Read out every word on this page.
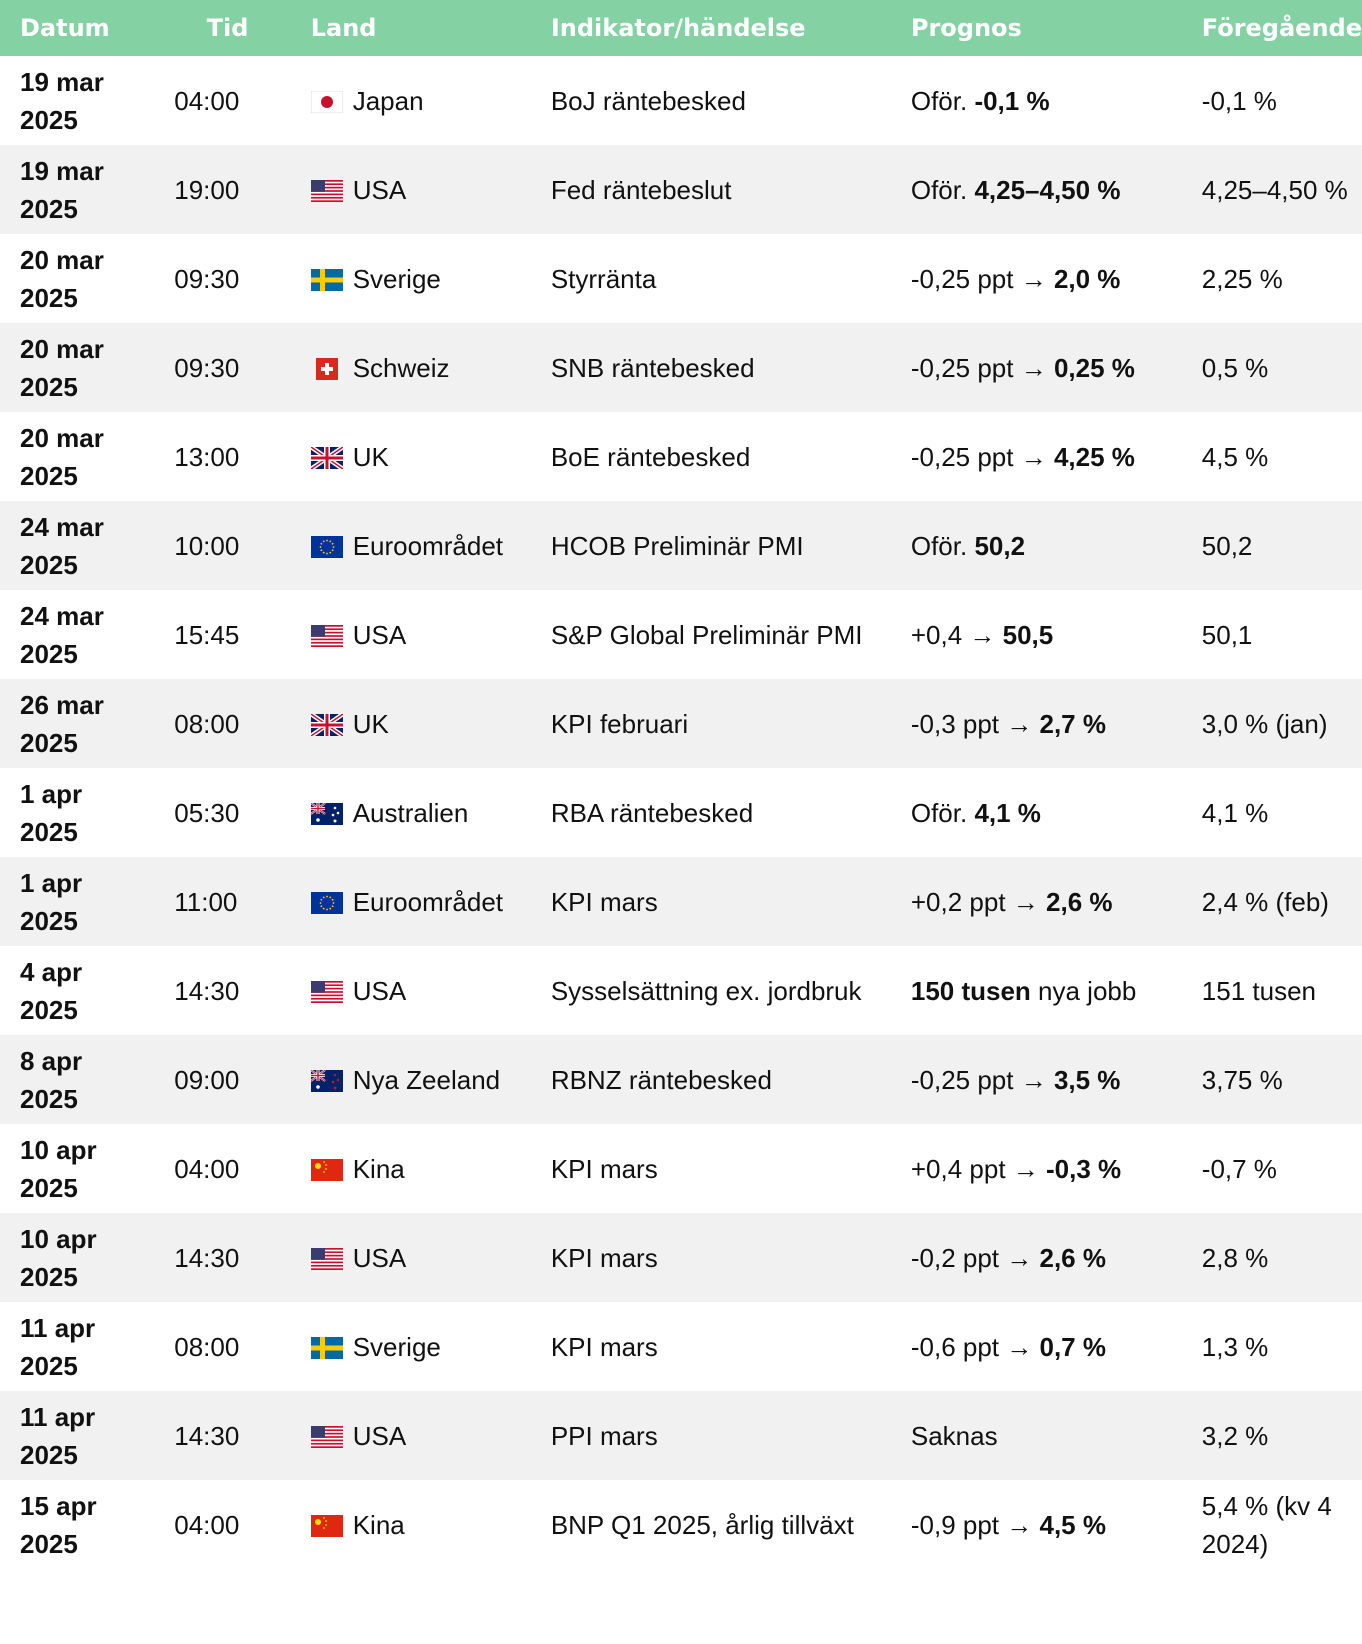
Datum	Tid	Land	Indikator/händelse	Prognos	Föregående
19 mar
2025	04:00	Japan	BoJ räntebesked	Oför. -0,1 %	-0,1 %
19 mar
2025	19:00	USA	Fed räntebeslut	Oför. 4,25–4,50 %	4,25–4,50 %
20 mar
2025	09:30	Sverige	Styrränta	-0,25 ppt → 2,0 %	2,25 %
20 mar
2025	09:30	Schweiz	SNB räntebesked	-0,25 ppt → 0,25 %	0,5 %
20 mar
2025	13:00	UK	BoE räntebesked	-0,25 ppt → 4,25 %	4,5 %
24 mar
2025	10:00	Euroområdet	HCOB Preliminär PMI	Oför. 50,2	50,2
24 mar
2025	15:45	USA	S&P Global Preliminär PMI	+0,4 → 50,5	50,1
26 mar
2025	08:00	UK	KPI februari	-0,3 ppt → 2,7 %	3,0 % (jan)
1 apr
2025	05:30	Australien	RBA räntebesked	Oför. 4,1 %	4,1 %
1 apr
2025	11:00	Euroområdet	KPI mars	+0,2 ppt → 2,6 %	2,4 % (feb)
4 apr
2025	14:30	USA	Sysselsättning ex. jordbruk	150 tusen nya jobb	151 tusen
8 apr
2025	09:00	Nya Zeeland	RBNZ räntebesked	-0,25 ppt → 3,5 %	3,75 %
10 apr
2025	04:00	Kina	KPI mars	+0,4 ppt → -0,3 %	-0,7 %
10 apr
2025	14:30	USA	KPI mars	-0,2 ppt → 2,6 %	2,8 %
11 apr
2025	08:00	Sverige	KPI mars	-0,6 ppt → 0,7 %	1,3 %
11 apr
2025	14:30	USA	PPI mars	Saknas	3,2 %
15 apr
2025	04:00	Kina	BNP Q1 2025, årlig tillväxt	-0,9 ppt → 4,5 %	5,4 % (kv 4 2024)
